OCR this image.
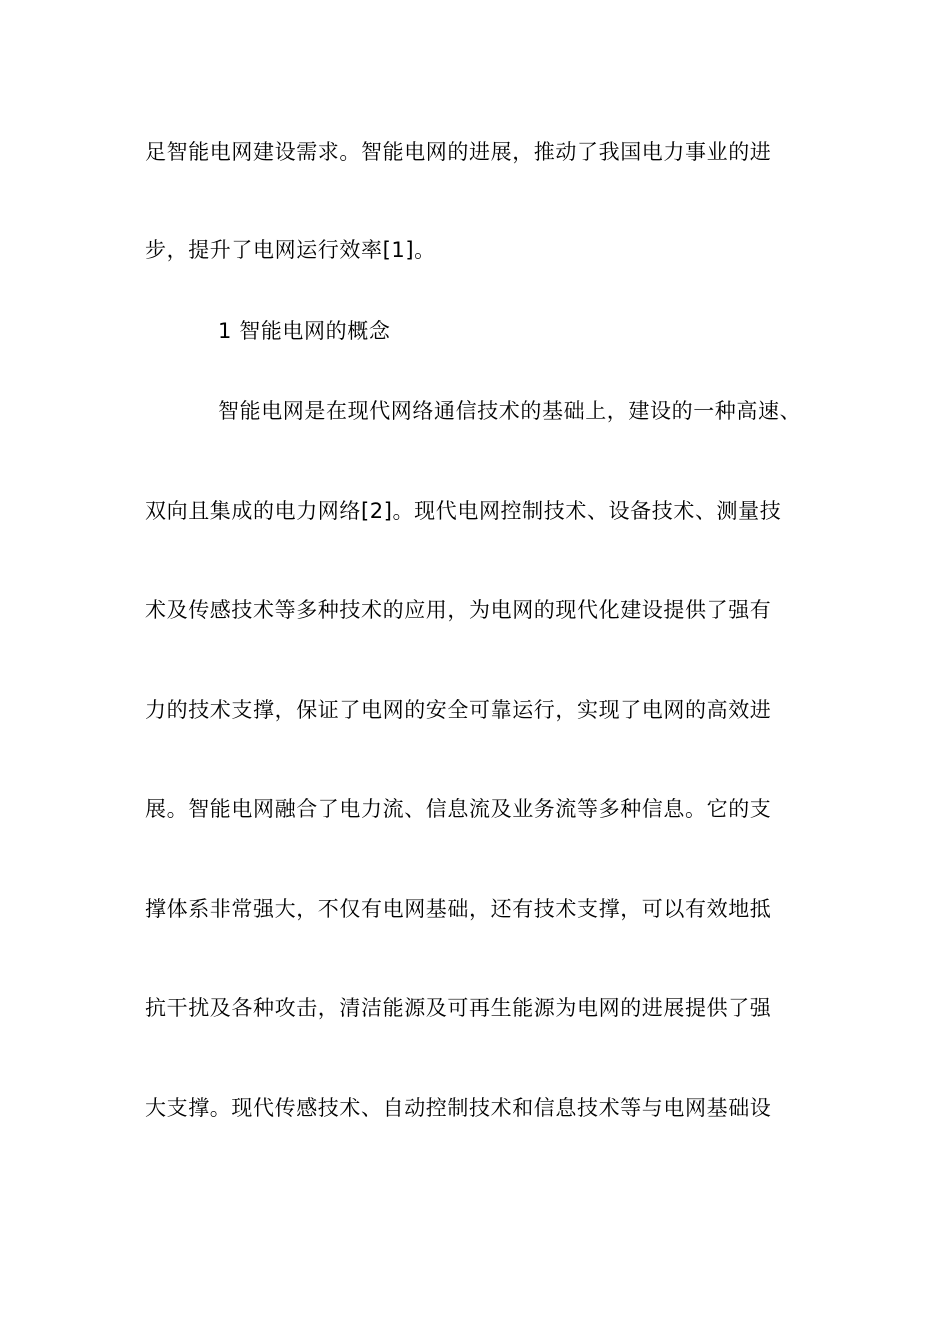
足智能电网建设需求。智能电网的进展，推动了我国电力事业的进
步，提升了电网运行效率[1]。
1 智能电网的概念
智能电网是在现代网络通信技术的基础上，建设的一种高速、
双向且集成的电力网络[2]。现代电网控制技术、设备技术、测量技
术及传感技术等多种技术的应用，为电网的现代化建设提供了强有
力的技术支撑，保证了电网的安全可靠运行，实现了电网的高效进
展。智能电网融合了电力流、信息流及业务流等多种信息。它的支
撑体系非常强大，不仅有电网基础，还有技术支撑，可以有效地抵
抗干扰及各种攻击，清洁能源及可再生能源为电网的进展提供了强
大支撑。现代传感技术、自动控制技术和信息技术等与电网基础设
